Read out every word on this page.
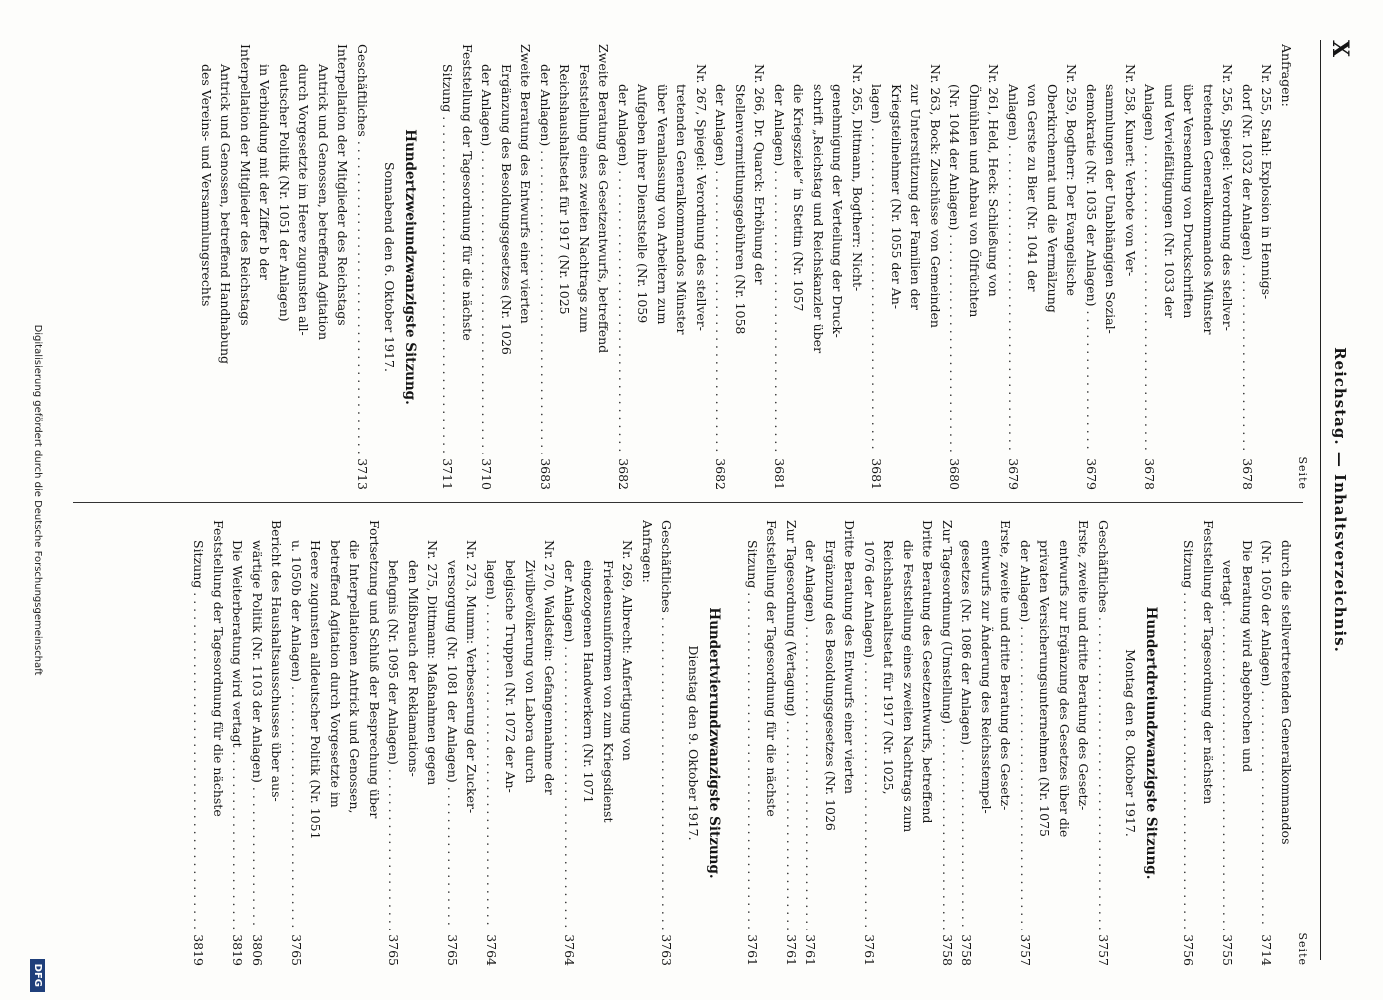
X
Reichstag. — Inhaltsverzeichnis.
Seite
Anfragen:
Nr. 255, Stahl: Explosion in Hennigs-
dorf (Nr. 1032 der Anlagen)
3678
. . .
Nr. 256, Spiegel: Verordnung des stellver-
tretenden Generalkommandos Münster
über Versendung von Druckschriften
und Vervielfältigungen (Nr. 1033 der
Anlagen)
3678
. . .
Nr. 258, Kunert: Verbote von Ver-
sammlungen der Unabhängigen Sozial-
demokratie (Nr. 1035 der Anlagen)
3679
. . .
Nr. 259, Bogtherr: Der Evangelische
Oberkirchenrat und die Vermälzung
von Gerste zu Bier (Nr. 1041 der
Anlagen)
3679
. . .
Nr. 261, Held, Heck: Schließung von
Ölmühlen und Anbau von Ölfrüchten
(Nr. 1044 der Anlagen)
3680
. . .
Nr. 263, Bock: Zuschüsse von Gemeinden
zur Unterstützung der Familien der
Kriegsteilnehmer (Nr. 1055 der An-
lagen)
3681
. . .
Nr. 265, Dittmann, Bogtherr: Nicht-
genehmigung der Verteilung der Druck-
schrift „Reichstag und Reichskanzler über
die Kriegsziele“ in Stettin (Nr. 1057
der Anlagen)
3681
. . .
Nr. 266, Dr. Quarck: Erhöhung der
Stellenvermittlungsgebühren (Nr. 1058
der Anlagen)
3682
. . .
Nr. 267, Spiegel: Verordnung des stellver-
tretenden Generalkommandos Münster
über Veranlassung von Arbeitern zum
Aufgeben ihrer Dienststelle (Nr. 1059
der Anlagen)
3682
. . .
Zweite Beratung des Gesetzentwurfs, betreffend
Feststellung eines zweiten Nachtrags zum
Reichshaushaltsetat für 1917 (Nr. 1025
der Anlagen)
3683
. . .
Zweite Beratung des Entwurfs einer vierten
Ergänzung des Besoldungsgesetzes (Nr. 1026
der Anlagen)
3710
. . .
Feststellung der Tagesordnung für die nächste
Sitzung
3711
. . .
Hundertzweiundzwanzigste Sitzung.
Sonnabend den 6. Oktober 1917.
Geschäftliches
3713
. . .
Interpellation der Mitglieder des Reichstags
Antrick und Genossen, betreffend Agitation
durch Vorgesetzte im Heere zugunsten all-
deutscher Politik (Nr. 1051 der Anlagen)
in Verbindung mit der Ziffer b der
Interpellation der Mitglieder des Reichstags
Antrick und Genossen, betreffend Handhabung
des Vereins- und Versammlungsrechts
Seite
durch die stellvertretenden Generalkommandos
(Nr. 1050 der Anlagen)
3714
. . .
Die Beratung wird abgebrochen und
vertagt
3755
. . .
Feststellung der Tagesordnung der nächsten
Sitzung
3756
. . .
Hundertdreiundzwanzigste Sitzung.
Montag den 8. Oktober 1917.
Geschäftliches
3757
. . .
Erste, zweite und dritte Beratung des Gesetz-
entwurfs zur Ergänzung des Gesetzes über die
privaten Versicherungsunternehmen (Nr. 1075
der Anlagen)
3757
. . .
Erste, zweite und dritte Beratung des Gesetz-
entwurfs zur Änderung des Reichsstempel-
gesetzes (Nr. 1086 der Anlagen)
3758
. . .
Zur Tagesordnung (Umstellung)
3758
. . .
Dritte Beratung des Gesetzentwurfs, betreffend
die Feststellung eines zweiten Nachtrags zum
Reichshaushaltsetat für 1917 (Nr. 1025,
1076 der Anlagen)
3761
. . .
Dritte Beratung des Entwurfs einer vierten
Ergänzung des Besoldungsgesetzes (Nr. 1026
der Anlagen)
3761
. . .
Zur Tagesordnung (Vertagung)
3761
. . .
Feststellung der Tagesordnung für die nächste
Sitzung
3761
. . .
Hundertvierundzwanzigste Sitzung.
Dienstag den 9. Oktober 1917.
Geschäftliches
3763
. . .
Anfragen:
Nr. 269, Albrecht: Anfertigung von
Friedensuniformen von zum Kriegsdienst
eingezogenen Handwerkern (Nr. 1071
der Anlagen)
3764
. . .
Nr. 270, Waldstein: Gefangennahme der
Zivilbevölkerung von Labora durch
belgische Truppen (Nr. 1072 der An-
lagen)
3764
. . .
Nr. 273, Mumm: Verbesserung der Zucker-
versorgung (Nr. 1081 der Anlagen)
3765
. . .
Nr. 275, Dittmann: Maßnahmen gegen
den Mißbrauch der Reklamations-
befugnis (Nr. 1095 der Anlagen)
3765
. . .
Fortsetzung und Schluß der Besprechung über
die Interpellationen Antrick und Genossen,
betreffend Agitation durch Vorgesetzte im
Heere zugunsten alldeutscher Politik (Nr. 1051
u. 1050b der Anlagen)
3765
. . .
Bericht des Haushaltsausschusses über aus-
wärtige Politik (Nr. 1103 der Anlagen)
3806
. . .
Die Weiterberatung wird vertagt
3819
. . .
Feststellung der Tagesordnung für die nächste
Sitzung
3819
. . .
Digitalisierung gefördert durch die Deutsche Forschungsgemeinschaft
DFG
